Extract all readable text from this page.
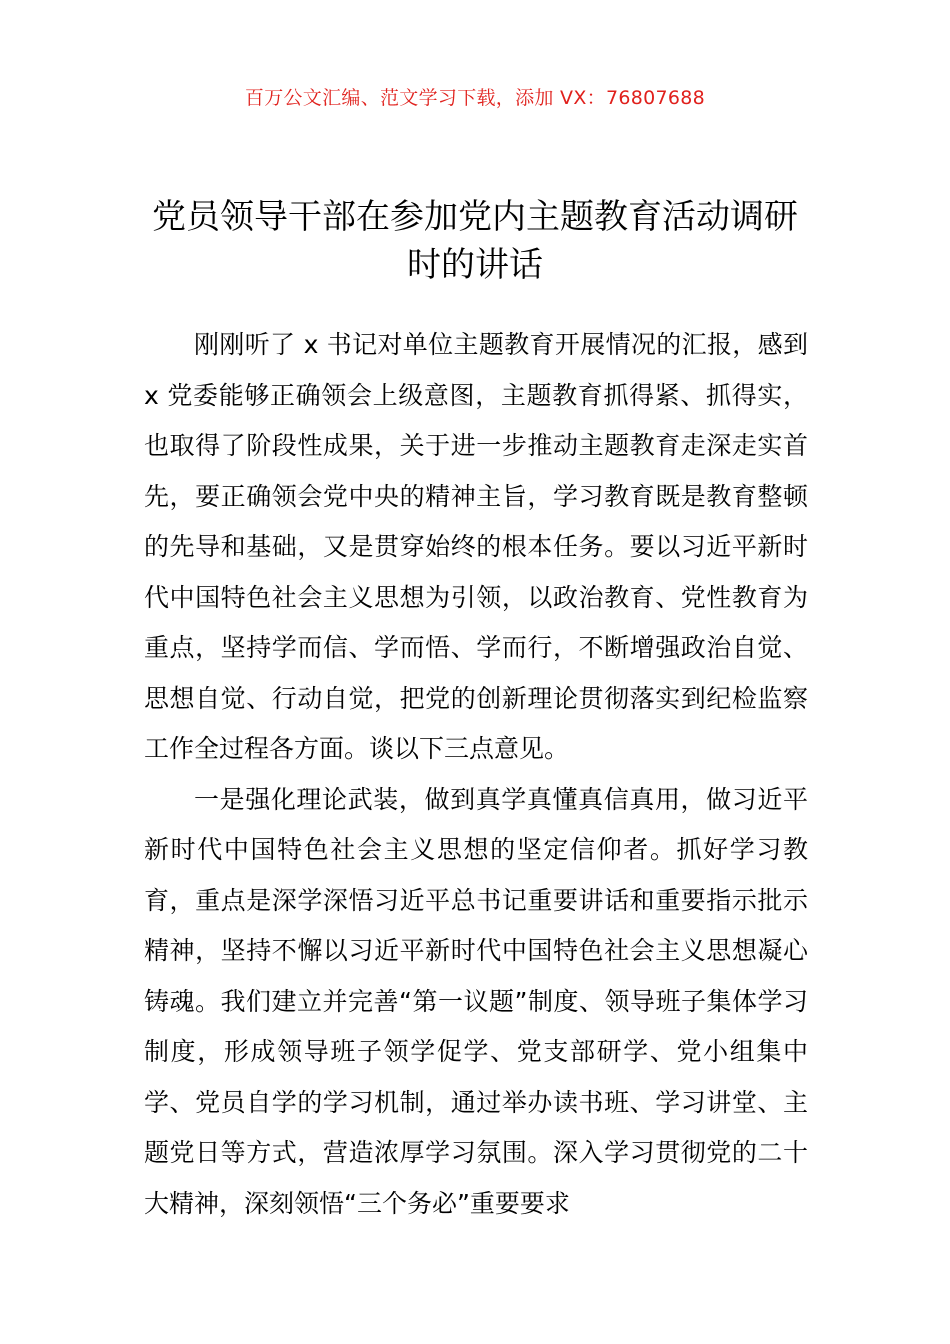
百万公文汇编、范文学习下载，添加 VX：76807688
党员领导干部在参加党内主题教育活动调研时的讲话

刚刚听了 x 书记对单位主题教育开展情况的汇报，感到 x 党委能够正确领会上级意图，主题教育抓得紧、抓得实，也取得了阶段性成果，关于进一步推动主题教育走深走实首先，要正确领会党中央的精神主旨，学习教育既是教育整顿的先导和基础，又是贯穿始终的根本任务。要以习近平新时代中国特色社会主义思想为引领，以政治教育、党性教育为重点，坚持学而信、学而悟、学而行，不断增强政治自觉、思想自觉、行动自觉，把党的创新理论贯彻落实到纪检监察工作全过程各方面。谈以下三点意见。

一是强化理论武装，做到真学真懂真信真用，做习近平新时代中国特色社会主义思想的坚定信仰者。抓好学习教育，重点是深学深悟习近平总书记重要讲话和重要指示批示精神，坚持不懈以习近平新时代中国特色社会主义思想凝心铸魂。我们建立并完善“第一议题”制度、领导班子集体学习制度，形成领导班子领学促学、党支部研学、党小组集中学、党员自学的学习机制，通过举办读书班、学习讲堂、主题党日等方式，营造浓厚学习氛围。深入学习贯彻党的二十大精神，深刻领悟“三个务必”重要要求
